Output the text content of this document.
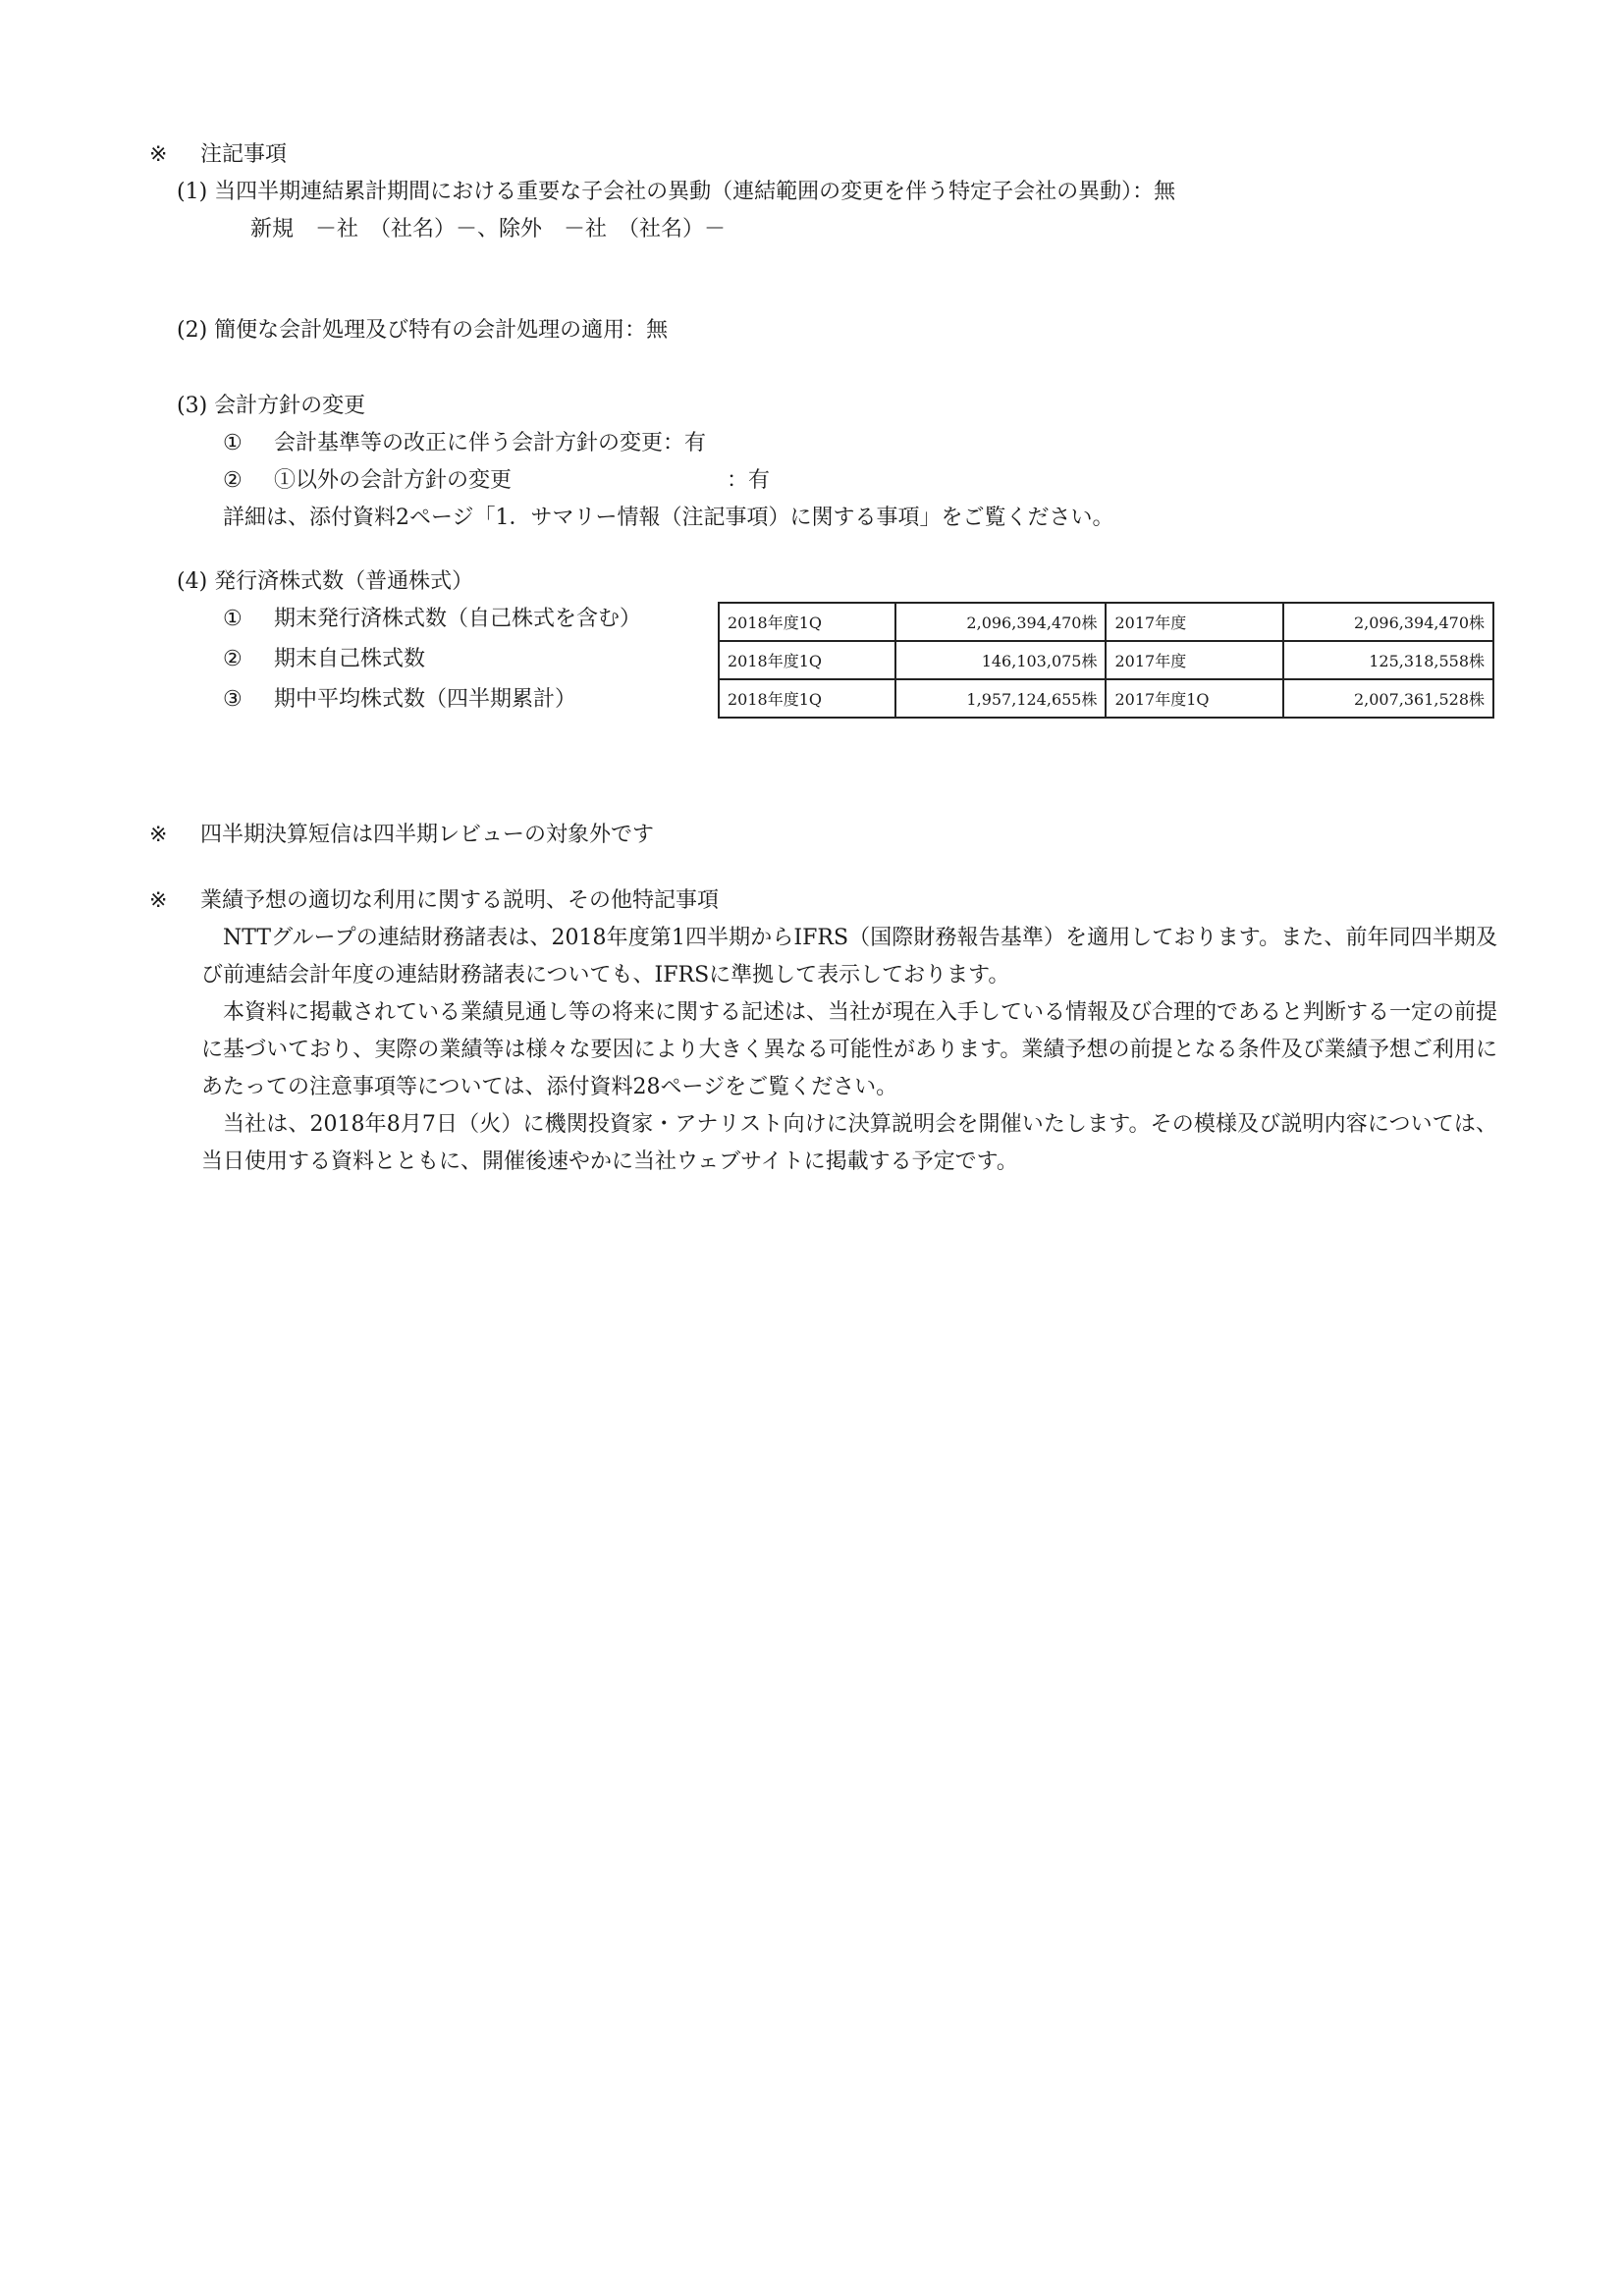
※ 注記事項
(1) 当四半期連結累計期間における重要な子会社の異動（連結範囲の変更を伴う特定子会社の異動）：無
新規　－社　（社名）－、除外　－社　（社名）－
(2) 簡便な会計処理及び特有の会計処理の適用：無
(3) 会計方針の変更
① 会計基準等の改正に伴う会計方針の変更：有
② ①以外の会計方針の変更	：有
詳細は、添付資料2ページ「1．サマリー情報（注記事項）に関する事項」をご覧ください。
(4) 発行済株式数（普通株式）
① 期末発行済株式数（自己株式を含む）
② 期末自己株式数
③ 期中平均株式数（四半期累計）
2018年度1Q	2,096,394,470株	2017年度	2,096,394,470株
2018年度1Q	146,103,075株	2017年度	125,318,558株
2018年度1Q	1,957,124,655株	2017年度1Q	2,007,361,528株
※ 四半期決算短信は四半期レビューの対象外です
※ 業績予想の適切な利用に関する説明、その他特記事項

NTTグループの連結財務諸表は、2018年度第1四半期からIFRS（国際財務報告基準）を適用しております。また、前年同四半期及び前連結会計年度の連結財務諸表についても、IFRSに準拠して表示しております。

本資料に掲載されている業績見通し等の将来に関する記述は、当社が現在入手している情報及び合理的であると判断する一定の前提に基づいており、実際の業績等は様々な要因により大きく異なる可能性があります。業績予想の前提となる条件及び業績予想ご利用にあたっての注意事項等については、添付資料28ページをご覧ください。

当社は、2018年8月7日（火）に機関投資家・アナリスト向けに決算説明会を開催いたします。その模様及び説明内容については、当日使用する資料とともに、開催後速やかに当社ウェブサイトに掲載する予定です。
